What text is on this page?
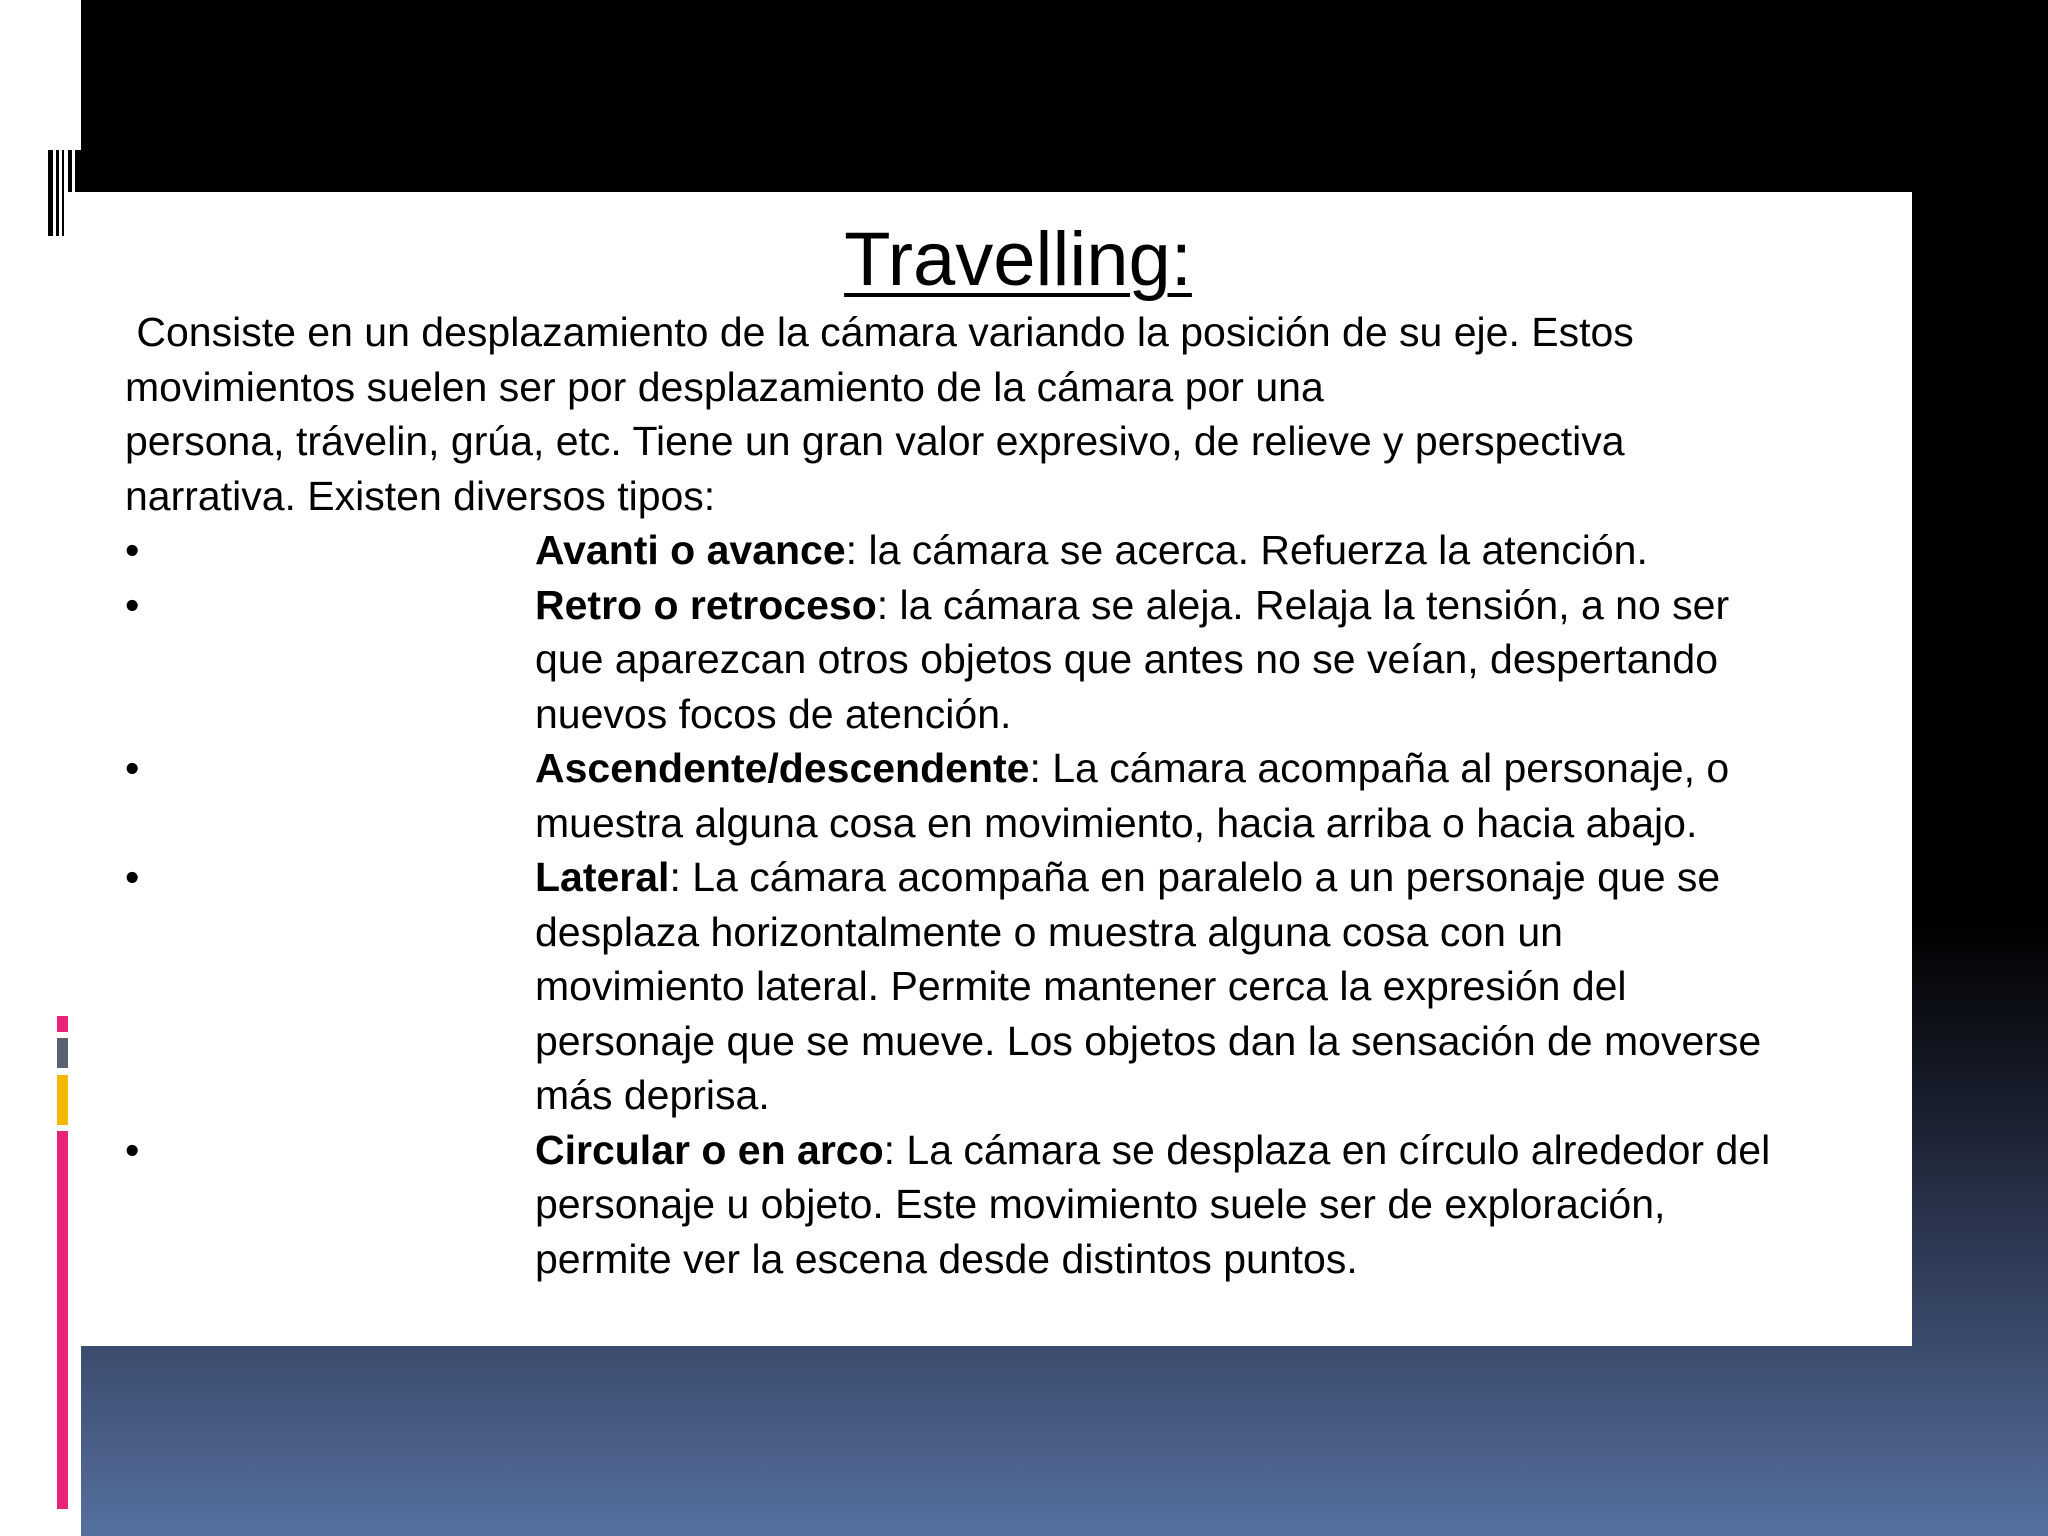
Travelling:
Consiste en un desplazamiento de la cámara variando la posición de su eje. Estos
movimientos suelen ser por desplazamiento de la cámara por una
persona, trávelin, grúa, etc. Tiene un gran valor expresivo, de relieve y perspectiva
narrativa. Existen diversos tipos:
•	Avanti o avance: la cámara se acerca. Refuerza la atención.
•	Retro o retroceso: la cámara se aleja. Relaja la tensión, a no ser
que aparezcan otros objetos que antes no se veían, despertando
nuevos focos de atención.
•	Ascendente/descendente: La cámara acompaña al personaje, o
muestra alguna cosa en movimiento, hacia arriba o hacia abajo.
•	Lateral: La cámara acompaña en paralelo a un personaje que se
desplaza horizontalmente o muestra alguna cosa con un
movimiento lateral. Permite mantener cerca la expresión del
personaje que se mueve. Los objetos dan la sensación de moverse
más deprisa.
•	Circular o en arco: La cámara se desplaza en círculo alrededor del
personaje u objeto. Este movimiento suele ser de exploración,
permite ver la escena desde distintos puntos.
